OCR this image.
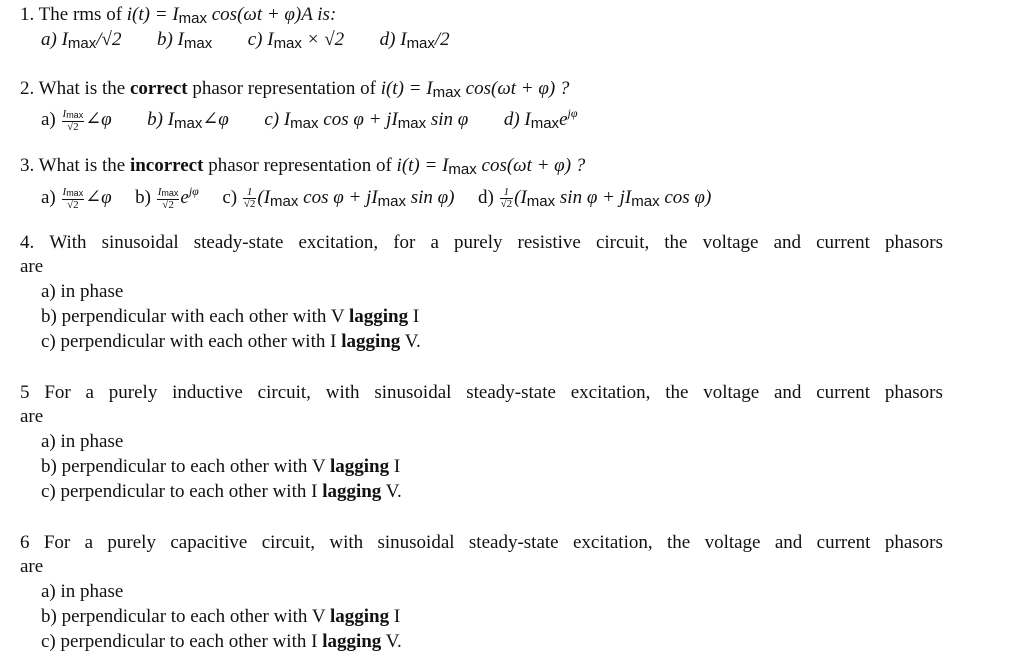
1. The rms of i(t) = Imax cos(ωt + φ)A is:
a) Imax/√2 b) Imax c) Imax × √2 d) Imax/2
2. What is the correct phasor representation of i(t) = Imax cos(ωt + φ) ?
$a) \frac{Imax}{√2}$ ∠φ b) Imax∠φ c) Imax cos φ + jImax sin φ d) Imaxe$^{j\varphi}$
3. What is the incorrect phasor representation of i(t) = Imax cos(ωt + φ) ?
$a) \frac{Imax}{√2}$ ∠φ $b) \frac{Imax}{√2} e^{j\varphi}$ $c) \frac{1}{√2} (Imax$ cos φ + jImax sin φ) $d) \frac{1}{√2} (Imax$ sin φ + jImax cos φ)
4. With sinusoidal steady-state excitation, for a purely resistive circuit, the voltage and current phasors
are
a) in phase
b) perpendicular with each other with V lagging I
c) perpendicular with each other with I lagging V.
5 For a purely inductive circuit, with sinusoidal steady-state excitation, the voltage and current phasors
are
a) in phase
b) perpendicular to each other with V lagging I
c) perpendicular to each other with I lagging V.
6 For a purely capacitive circuit, with sinusoidal steady-state excitation, the voltage and current phasors
are
a) in phase
b) perpendicular to each other with V lagging I
c) perpendicular to each other with I lagging V.
